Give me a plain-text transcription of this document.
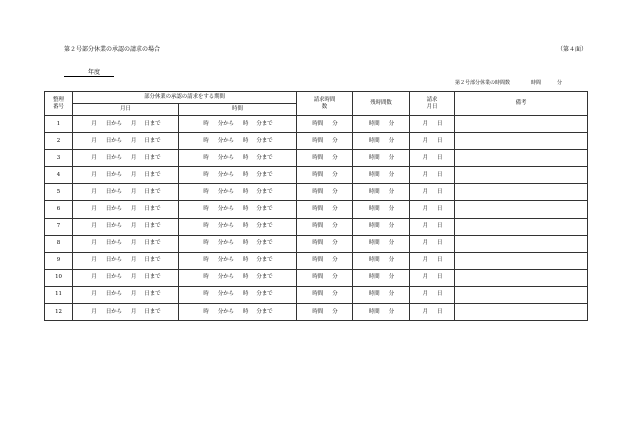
第２号部分休業の承認の請求の場合	（第４面）
年度
第２号部分休業の時間数	時間	分
整理番号	部分休業の承認の請求をする期間		請求時間数	残時間数	請求月日	備考
	月日	時間				
1	月 日から 月 日まで	時 分から 時 分まで	時間 分	時間 分	月 日	
2	月 日から 月 日まで	時 分から 時 分まで	時間 分	時間 分	月 日	
3	月 日から 月 日まで	時 分から 時 分まで	時間 分	時間 分	月 日	
4	月 日から 月 日まで	時 分から 時 分まで	時間 分	時間 分	月 日	
5	月 日から 月 日まで	時 分から 時 分まで	時間 分	時間 分	月 日	
6	月 日から 月 日まで	時 分から 時 分まで	時間 分	時間 分	月 日	
7	月 日から 月 日まで	時 分から 時 分まで	時間 分	時間 分	月 日	
8	月 日から 月 日まで	時 分から 時 分まで	時間 分	時間 分	月 日	
9	月 日から 月 日まで	時 分から 時 分まで	時間 分	時間 分	月 日	
10	月 日から 月 日まで	時 分から 時 分まで	時間 分	時間 分	月 日	
11	月 日から 月 日まで	時 分から 時 分まで	時間 分	時間 分	月 日	
12	月 日から 月 日まで	時 分から 時 分まで	時間 分	時間 分	月 日	
